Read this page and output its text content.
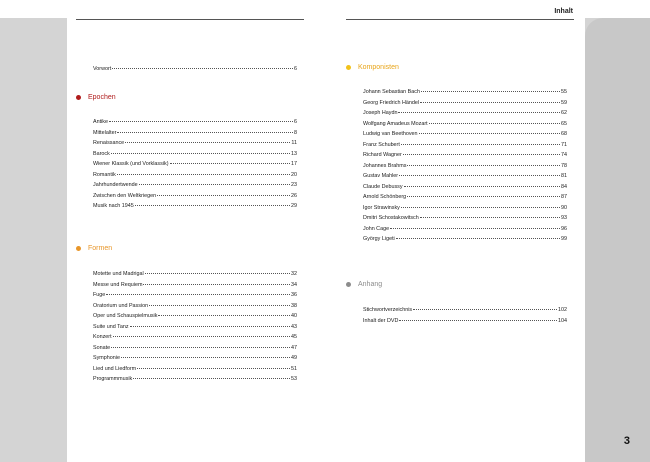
Inhalt
Vorwort	6
Epochen
Antike	6
Mittelalter	8
Renaissance	11
Barock	13
Wiener Klassik (und Vorklassik)	17
Romantik	20
Jahrhundertwende	23
Zwischen den Weltkriegen	26
Musik nach 1945	29
Formen
Motette und Madrigal	32
Messe und Requiem	34
Fuge	36
Oratorium und Passion	38
Oper und Schauspielmusik	40
Suite und Tanz	43
Konzert	45
Sonate	47
Symphonie	49
Lied und Liedform	51
Programmmusik	53
Komponisten
Johann Sebastian Bach	55
Georg Friedrich Händel	59
Joseph Haydn	62
Wolfgang Amadeus Mozart	65
Ludwig van Beethoven	68
Franz Schubert	71
Richard Wagner	74
Johannes Brahms	78
Gustav Mahler	81
Claude Debussy	84
Arnold Schönberg	87
Igor Strawinsky	90
Dmitri Schostakowitsch	93
John Cage	96
György Ligeti	99
Anhang
Stichwortverzeichnis	102
Inhalt der DVD	104
3
